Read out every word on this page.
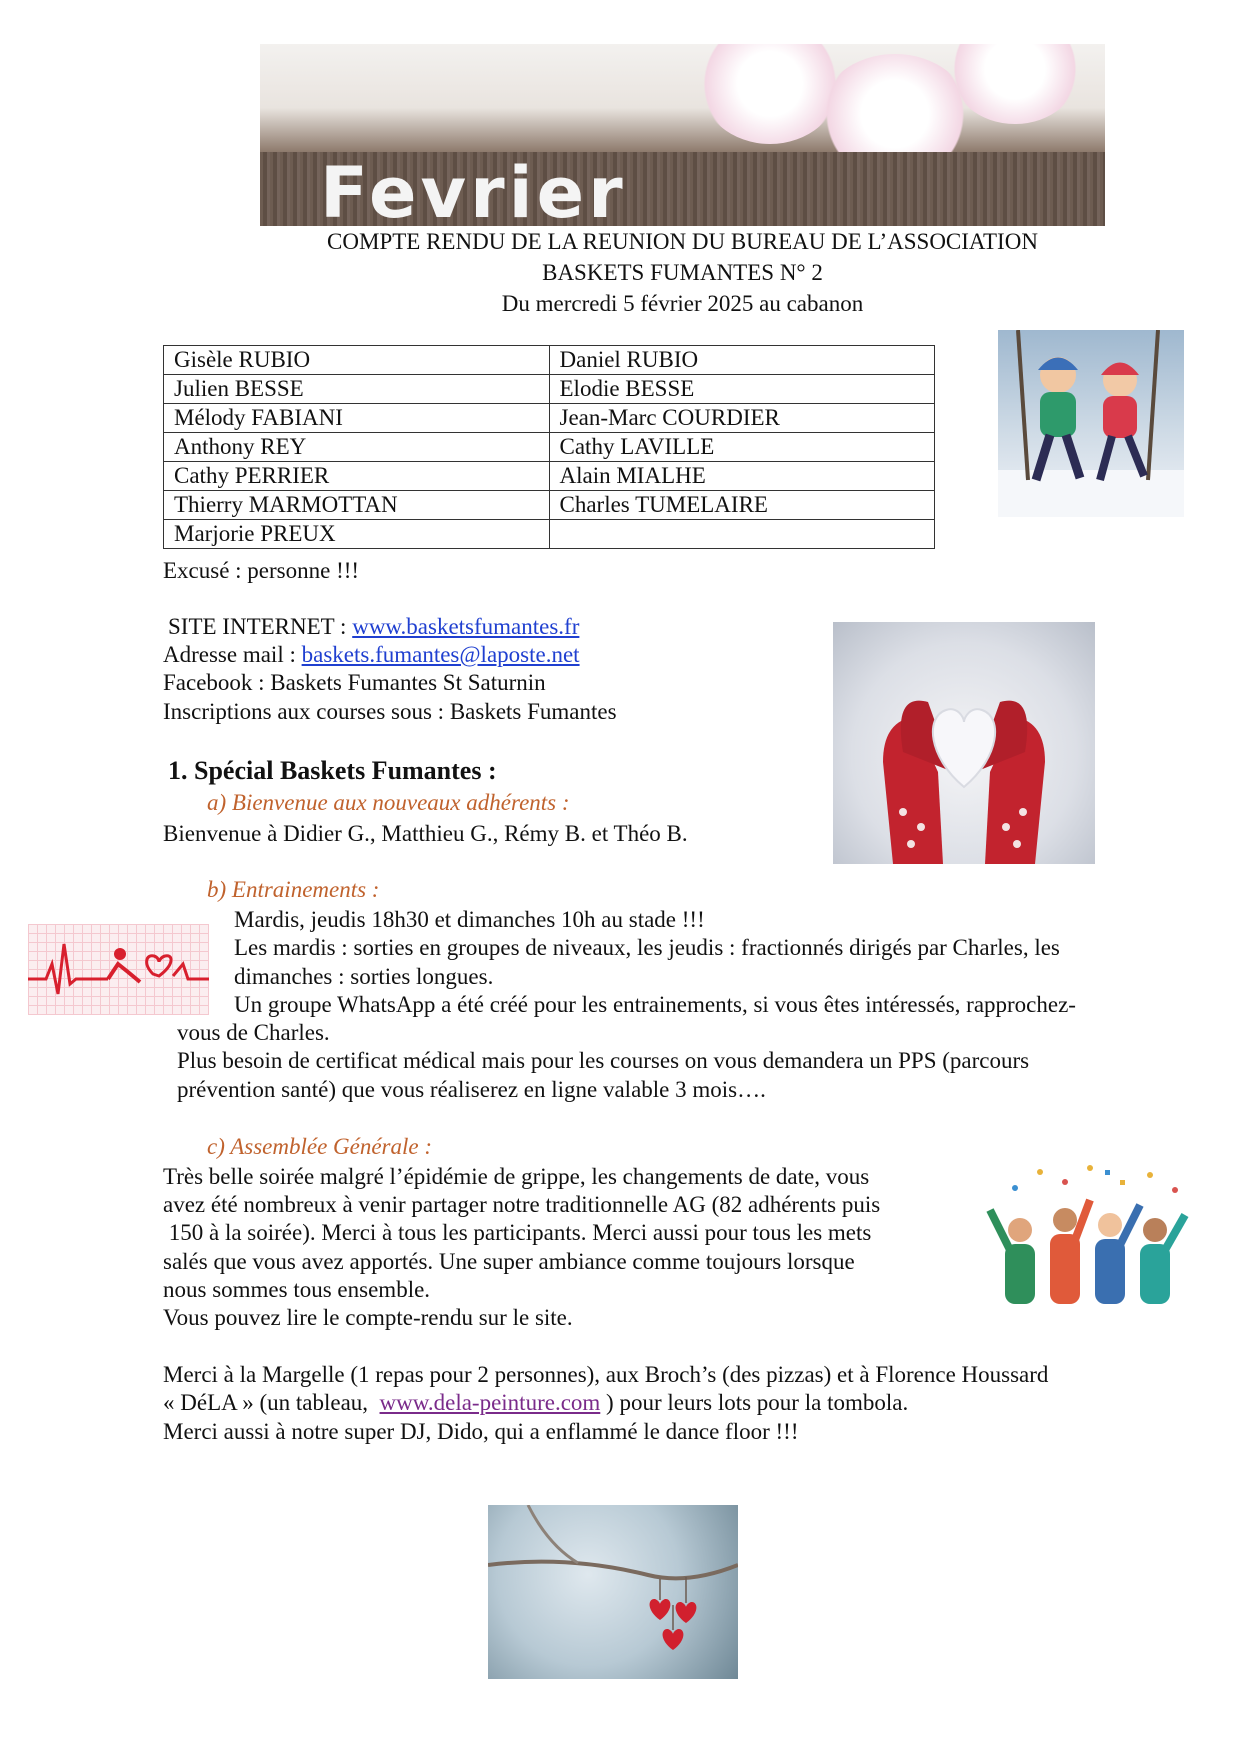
Fevrier
COMPTE RENDU DE LA REUNION DU BUREAU DE L’ASSOCIATION
BASKETS FUMANTES N° 2
Du mercredi 5 février 2025 au cabanon
Gisèle RUBIO	Daniel RUBIO
Julien BESSE	Elodie BESSE
Mélody FABIANI	Jean-Marc COURDIER
Anthony REY	Cathy LAVILLE
Cathy PERRIER	Alain MIALHE
Thierry MARMOTTAN	Charles TUMELAIRE
Marjorie PREUX	
Excusé : personne !!!
SITE INTERNET : www.basketsfumantes.fr
Adresse mail : baskets.fumantes@laposte.net
Facebook : Baskets Fumantes St Saturnin
Inscriptions aux courses sous : Baskets Fumantes
1. Spécial Baskets Fumantes :
a) Bienvenue aux nouveaux adhérents :
Bienvenue à Didier G., Matthieu G., Rémy B. et Théo B.
b) Entrainements :
Mardis, jeudis 18h30 et dimanches 10h au stade !!!
Les mardis : sorties en groupes de niveaux, les jeudis : fractionnés dirigés par Charles, les
dimanches : sorties longues.
Un groupe WhatsApp a été créé pour les entrainements, si vous êtes intéressés, rapprochez-
vous de Charles.
Plus besoin de certificat médical mais pour les courses on vous demandera un PPS (parcours
prévention santé) que vous réaliserez en ligne valable 3 mois….
c) Assemblée Générale :
Très belle soirée malgré l’épidémie de grippe, les changements de date, vous
avez été nombreux à venir partager notre traditionnelle AG (82 adhérents puis
150 à la soirée). Merci à tous les participants. Merci aussi pour tous les mets
salés que vous avez apportés. Une super ambiance comme toujours lorsque
nous sommes tous ensemble.
Vous pouvez lire le compte-rendu sur le site.
Merci à la Margelle (1 repas pour 2 personnes), aux Broch’s (des pizzas) et à Florence Houssard
« DéLA » (un tableau,  www.dela-peinture.com ) pour leurs lots pour la tombola.
Merci aussi à notre super DJ, Dido, qui a enflammé le dance floor !!!
